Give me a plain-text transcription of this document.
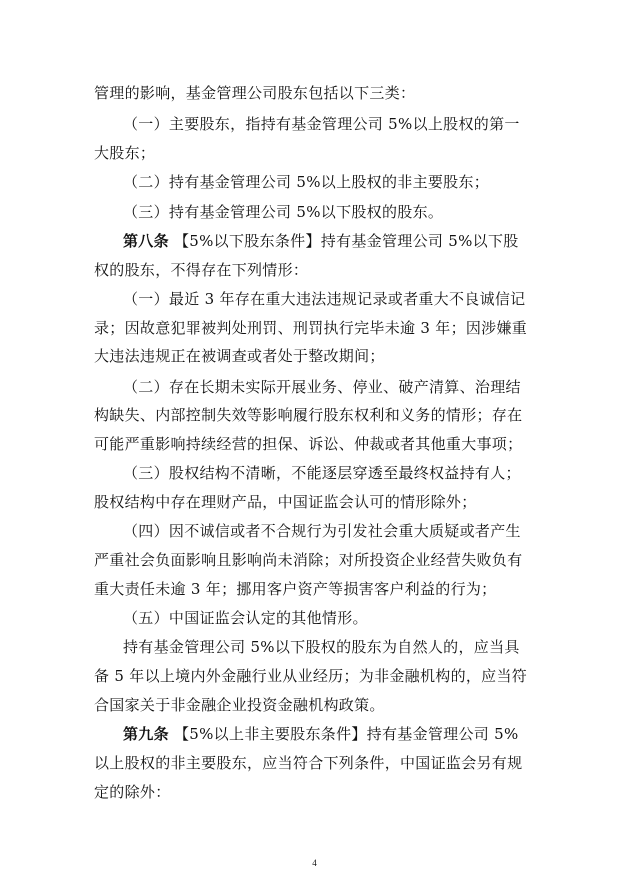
管理的影响，基金管理公司股东包括以下三类：
（一）主要股东，指持有基金管理公司 5%以上股权的第一
大股东；
（二）持有基金管理公司 5%以上股权的非主要股东；
（三）持有基金管理公司 5%以下股权的股东。
第八条 【5%以下股东条件】持有基金管理公司 5%以下股
权的股东，不得存在下列情形：
（一）最近 3 年存在重大违法违规记录或者重大不良诚信记
录；因故意犯罪被判处刑罚、刑罚执行完毕未逾 3 年；因涉嫌重
大违法违规正在被调查或者处于整改期间；
（二）存在长期未实际开展业务、停业、破产清算、治理结
构缺失、内部控制失效等影响履行股东权利和义务的情形；存在
可能严重影响持续经营的担保、诉讼、仲裁或者其他重大事项；
（三）股权结构不清晰，不能逐层穿透至最终权益持有人；
股权结构中存在理财产品，中国证监会认可的情形除外；
（四）因不诚信或者不合规行为引发社会重大质疑或者产生
严重社会负面影响且影响尚未消除；对所投资企业经营失败负有
重大责任未逾 3 年；挪用客户资产等损害客户利益的行为；
（五）中国证监会认定的其他情形。
持有基金管理公司 5%以下股权的股东为自然人的，应当具
备 5 年以上境内外金融行业从业经历；为非金融机构的，应当符
合国家关于非金融企业投资金融机构政策。
第九条 【5%以上非主要股东条件】持有基金管理公司 5%
以上股权的非主要股东，应当符合下列条件，中国证监会另有规
定的除外：
4
